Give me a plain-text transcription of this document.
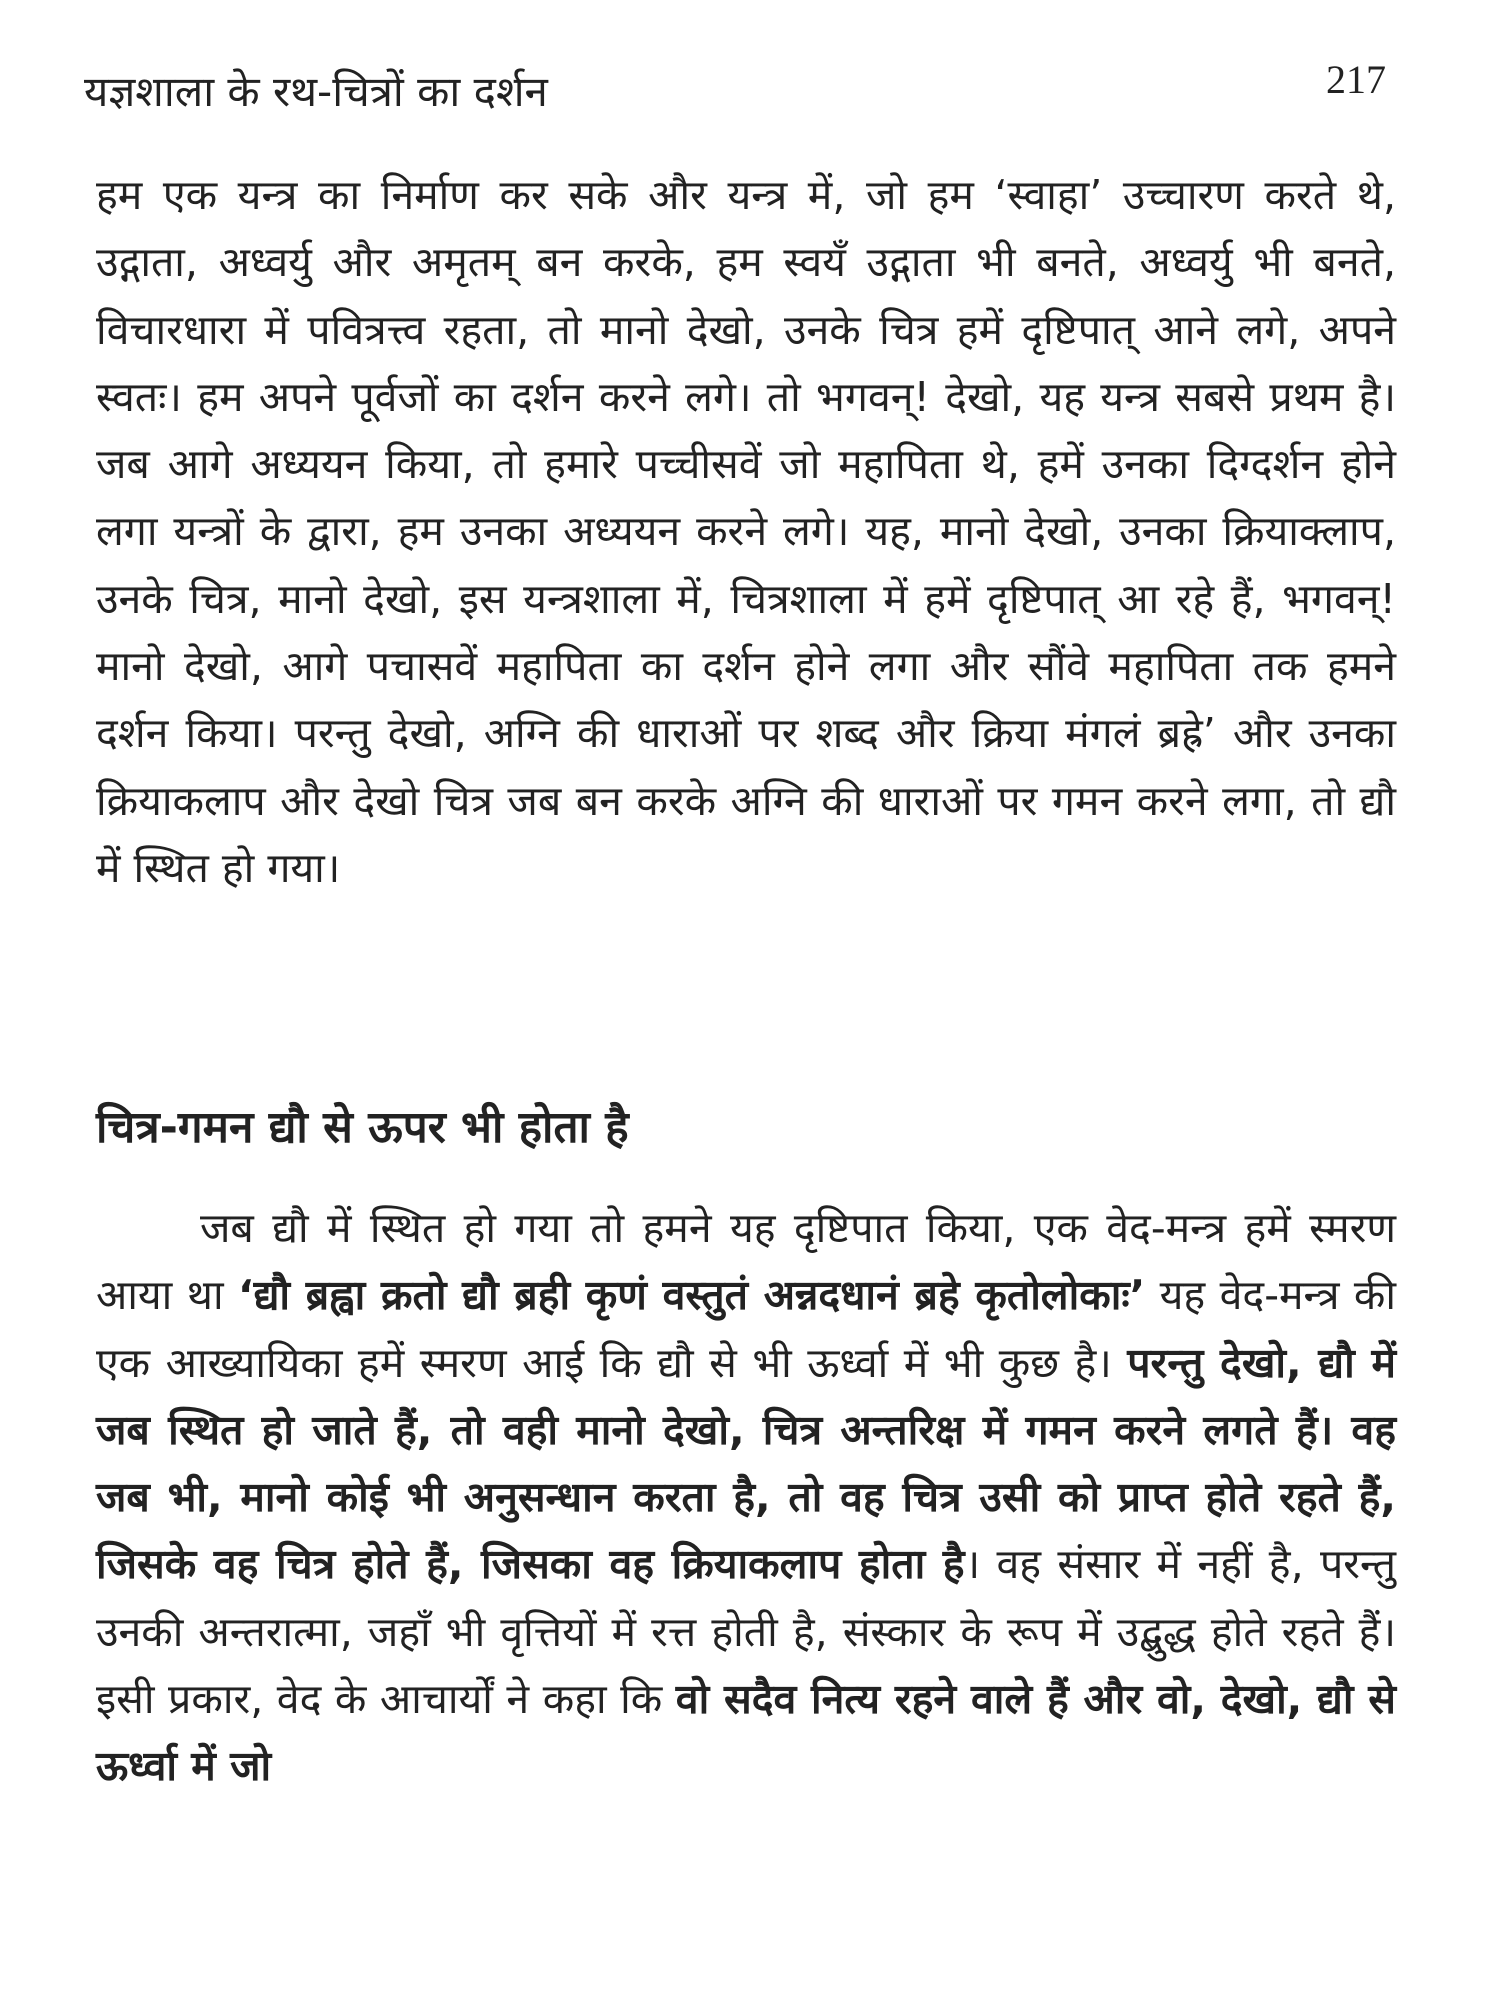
यज्ञशाला के रथ-चित्रों का दर्शन	217

हम एक यन्त्र का निर्माण कर सके और यन्त्र में, जो हम ‘स्वाहा’ उच्चारण करते थे, उद्गाता, अध्वर्यु और अमृतम् बन करके, हम स्वयँ उद्गाता भी बनते, अध्वर्यु भी बनते, विचारधारा में पवित्रत्त्व रहता, तो मानो देखो, उनके चित्र हमें दृष्टिपात् आने लगे, अपने स्वतः। हम अपने पूर्वजों का दर्शन करने लगे। तो भगवन्! देखो, यह यन्त्र सबसे प्रथम है। जब आगे अध्ययन किया, तो हमारे पच्चीसवें जो महापिता थे, हमें उनका दिग्दर्शन होने लगा यन्त्रों के द्वारा, हम उनका अध्ययन करने लगे। यह, मानो देखो, उनका क्रियाक्लाप, उनके चित्र, मानो देखो, इस यन्त्रशाला में, चित्रशाला में हमें दृष्टिपात् आ रहे हैं, भगवन्! मानो देखो, आगे पचासवें महापिता का दर्शन होने लगा और सौंवे महापिता तक हमने दर्शन किया। परन्तु देखो, अग्नि की धाराओं पर शब्द और क्रिया मंगलं ब्रह्रे’ और उनका क्रियाकलाप और देखो चित्र जब बन करके अग्नि की धाराओं पर गमन करने लगा, तो द्यौ में स्थित हो गया।

चित्र-गमन द्यौ से ऊपर भी होता है

जब द्यौ में स्थित हो गया तो हमने यह दृष्टिपात किया, एक वेद-मन्त्र हमें स्मरण आया था ‘द्यौ ब्रह्वा क्रतो द्यौ ब्रही कृणं वस्तुतं अन्नदधानं ब्रहे कृतोलोकाः’ यह वेद-मन्त्र की एक आख्यायिका हमें स्मरण आई कि द्यौ से भी ऊर्ध्वा में भी कुछ है। परन्तु देखो, द्यौ में जब स्थित हो जाते हैं, तो वही मानो देखो, चित्र अन्तरिक्ष में गमन करने लगते हैं। वह जब भी, मानो कोई भी अनुसन्धान करता है, तो वह चित्र उसी को प्राप्त होते रहते हैं, जिसके वह चित्र होते हैं, जिसका वह क्रियाकलाप होता है। वह संसार में नहीं है, परन्तु उनकी अन्तरात्मा, जहाँ भी वृत्तियों में रत्त होती है, संस्कार के रूप में उद्बुद्ध होते रहते हैं। इसी प्रकार, वेद के आचार्यों ने कहा कि वो सदैव नित्य रहने वाले हैं और वो, देखो, द्यौ से ऊर्ध्वा में जो
